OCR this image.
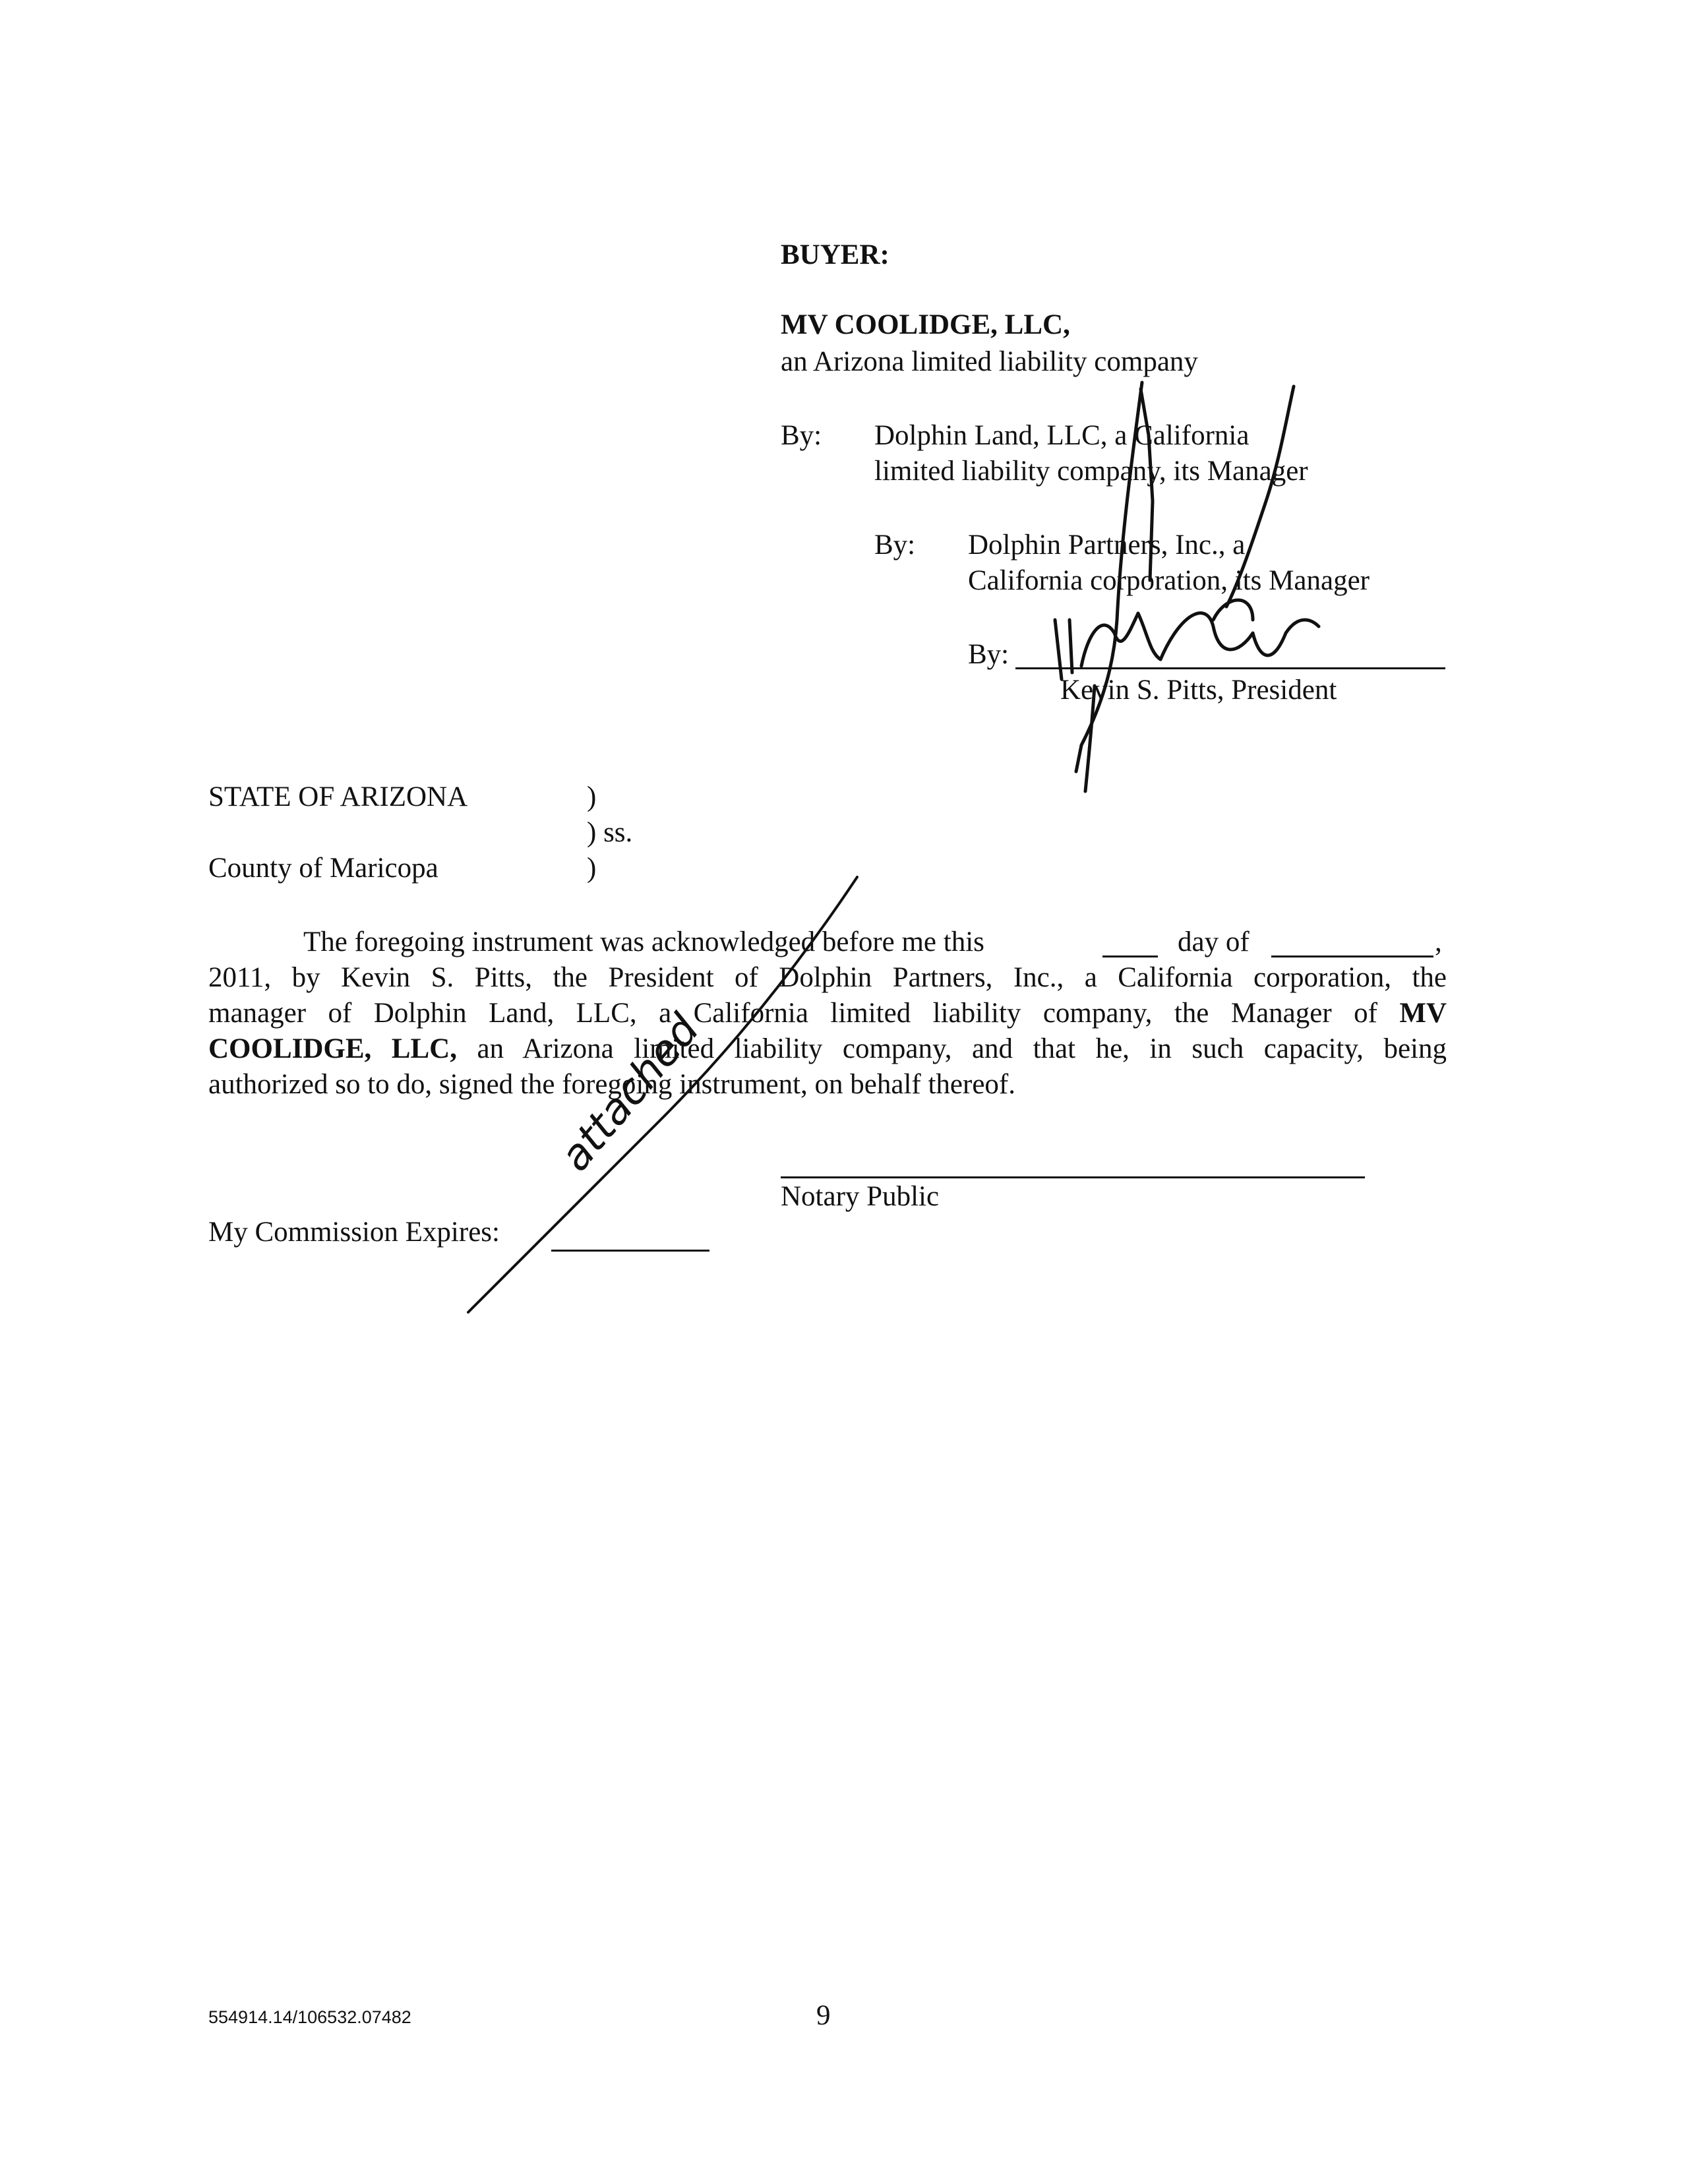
BUYER:
MV COOLIDGE, LLC,
an Arizona limited liability company
By: Dolphin Land, LLC, a California
limited liability company, its Manager
By: Dolphin Partners, Inc., a
California corporation, its Manager
By:
Kevin S. Pitts, President
STATE OF ARIZONA	)
) ss.
County of Maricopa	)
The foregoing instrument was acknowledged before me this	day of	,

2011, by Kevin S. Pitts, the President of Dolphin Partners, Inc., a California corporation, the

manager of Dolphin Land, LLC, a California limited liability company, the Manager of MV

COOLIDGE, LLC, an Arizona limited liability company, and that he, in such capacity, being

authorized so to do, signed the foregoing instrument, on behalf thereof.

Notary Public
My Commission Expires:
554914.14/106532.07482	9
attached
